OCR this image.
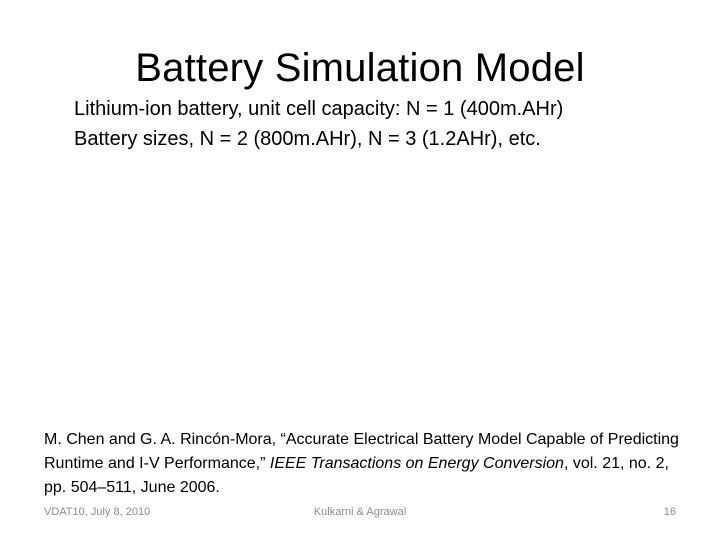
Battery Simulation Model
Lithium-ion battery, unit cell capacity: N = 1 (400m.AHr)
Battery sizes, N = 2 (800m.AHr), N = 3 (1.2AHr), etc.
M. Chen and G. A. Rincón-Mora, “Accurate Electrical Battery Model Capable of Predicting Runtime and I-V Performance,” IEEE Transactions on Energy Conversion, vol. 21, no. 2, pp. 504–511, June 2006.
Kulkarni & Agrawal
VDAT10, July 8, 2010	16
